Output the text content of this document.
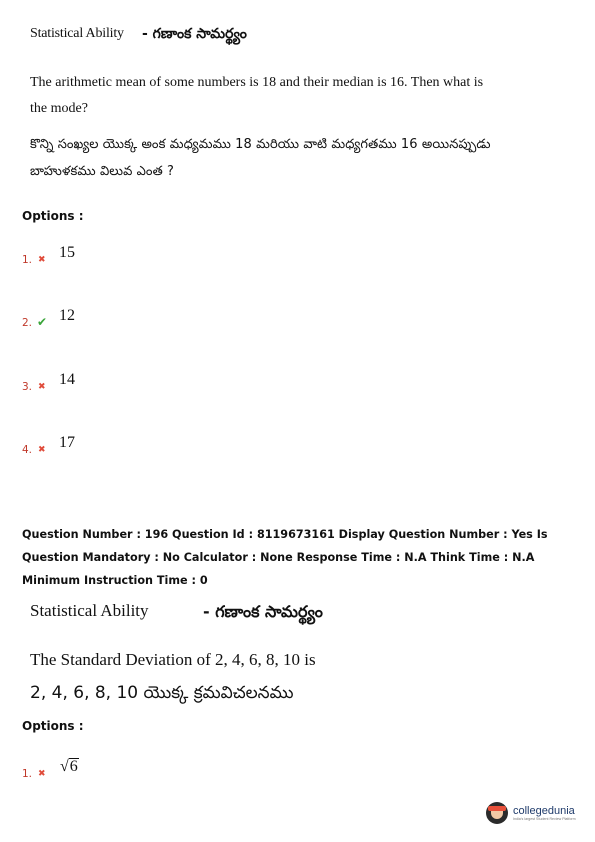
Statistical Ability - గణాంక సామర్థ్యం
The arithmetic mean of some numbers is 18 and their median is 16. Then what is the mode?
కొన్ని సంఖ్యల యొక్క అంక మధ్యమము 18 మరియు వాటి మధ్యగతము 16 అయినప్పుడు బాహుళకము విలువ ఎంత ?
Options :
1. ✖ 15
2. ✔ 12
3. ✖ 14
4. ✖ 17
Question Number : 196 Question Id : 8119673161 Display Question Number : Yes Is Question Mandatory : No Calculator : None Response Time : N.A Think Time : N.A Minimum Instruction Time : 0
Statistical Ability	- గణాంక సామర్థ్యం
The Standard Deviation of 2, 4, 6, 8, 10 is
2, 4, 6, 8, 10 యొక్క క్రమవిచలనము
Options :
1. ✖ √6
collegedunia
India's largest Student Review Platform
